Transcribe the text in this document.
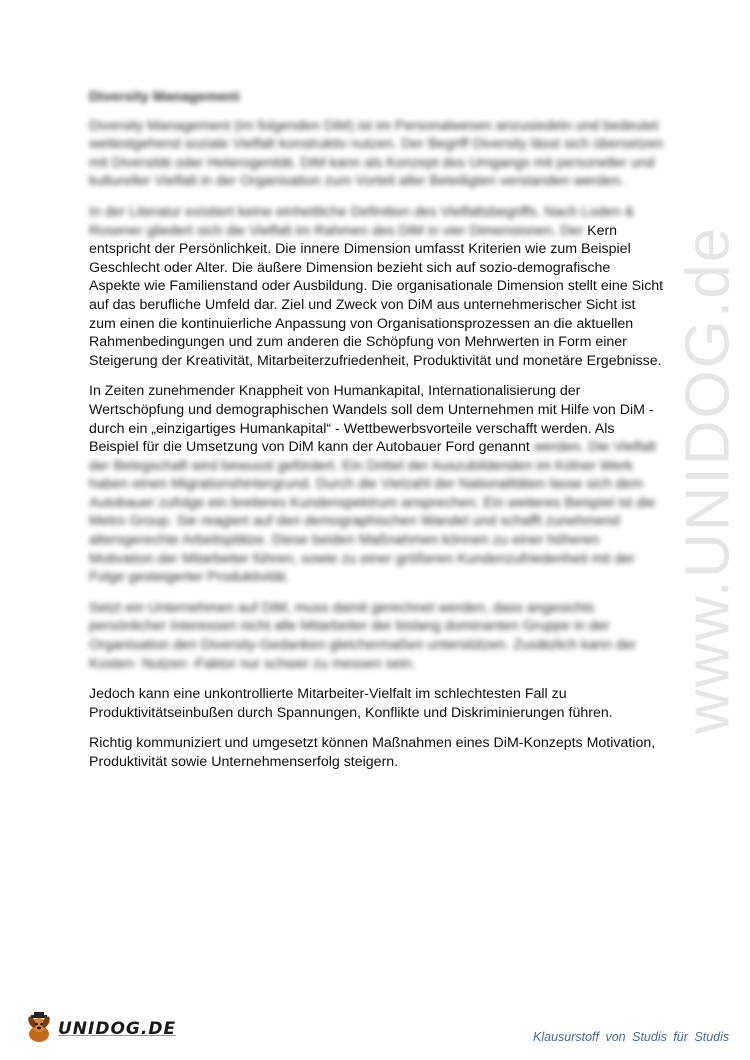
www.UNIDOG.de

Diversity Management

Diversity Management (im folgenden DiM) ist im Personalwesen anzusiedeln und bedeutet weitestgehend soziale Vielfalt konstruktiv nutzen. Der Begriff Diversity lässt sich übersetzen mit Diversität oder Heterogenität. DiM kann als Konzept des Umgangs mit personeller und kultureller Vielfalt in der Organisation zum Vorteil aller Beteiligten verstanden werden.

In der Literatur existiert keine einheitliche Definition des Vielfaltsbegriffs. Nach Loden & Rosener gliedert sich die Vielfalt im Rahmen des DiM in vier Dimensionen. Der Kern entspricht der Persönlichkeit. Die innere Dimension umfasst Kriterien wie zum Beispiel Geschlecht oder Alter. Die äußere Dimension bezieht sich auf sozio-demografische Aspekte wie Familienstand oder Ausbildung. Die organisationale Dimension stellt eine Sicht auf das berufliche Umfeld dar. Ziel und Zweck von DiM aus unternehmerischer Sicht ist zum einen die kontinuierliche Anpassung von Organisationsprozessen an die aktuellen Rahmenbedingungen und zum anderen die Schöpfung von Mehrwerten in Form einer Steigerung der Kreativität, Mitarbeiterzufriedenheit, Produktivität und monetäre Ergebnisse.

In Zeiten zunehmender Knappheit von Humankapital, Internationalisierung der Wertschöpfung und demographischen Wandels soll dem Unternehmen mit Hilfe von DiM - durch ein „einzigartiges Humankapital“ - Wettbewerbsvorteile verschafft werden. Als Beispiel für die Umsetzung von DiM kann der Autobauer Ford genannt werden. Die Vielfalt der Belegschaft wird bewusst gefördert. Ein Drittel der Auszubildenden im Kölner Werk haben einen Migrationshintergrund. Durch die Vielzahl der Nationalitäten lasse sich dem Autobauer zufolge ein breiteres Kundenspektrum ansprechen. Ein weiteres Beispiel ist die Metro Group. Sie reagiert auf den demographischen Wandel und schafft zunehmend altersgerechte Arbeitsplätze. Diese beiden Maßnahmen können zu einer höheren Motivation der Mitarbeiter führen, sowie zu einer größeren Kundenzufriedenheit mit der Folge gesteigerter Produktivität.

Setzt ein Unternehmen auf DiM, muss damit gerechnet werden, dass angesichts persönlicher Interessen nicht alle Mitarbeiter der bislang dominanten Gruppe in der Organisation den Diversity-Gedanken gleichermaßen unterstützen. Zusätzlich kann der Kosten- Nutzen -Faktor nur schwer zu messen sein.

Jedoch kann eine unkontrollierte Mitarbeiter-Vielfalt im schlechtesten Fall zu Produktivitätseinbußen durch Spannungen, Konflikte und Diskriminierungen führen.

Richtig kommuniziert und umgesetzt können Maßnahmen eines DiM-Konzepts Motivation, Produktivität sowie Unternehmenserfolg steigern.

UNIDOG.DE	Klausurstoff von Studis für Studis
